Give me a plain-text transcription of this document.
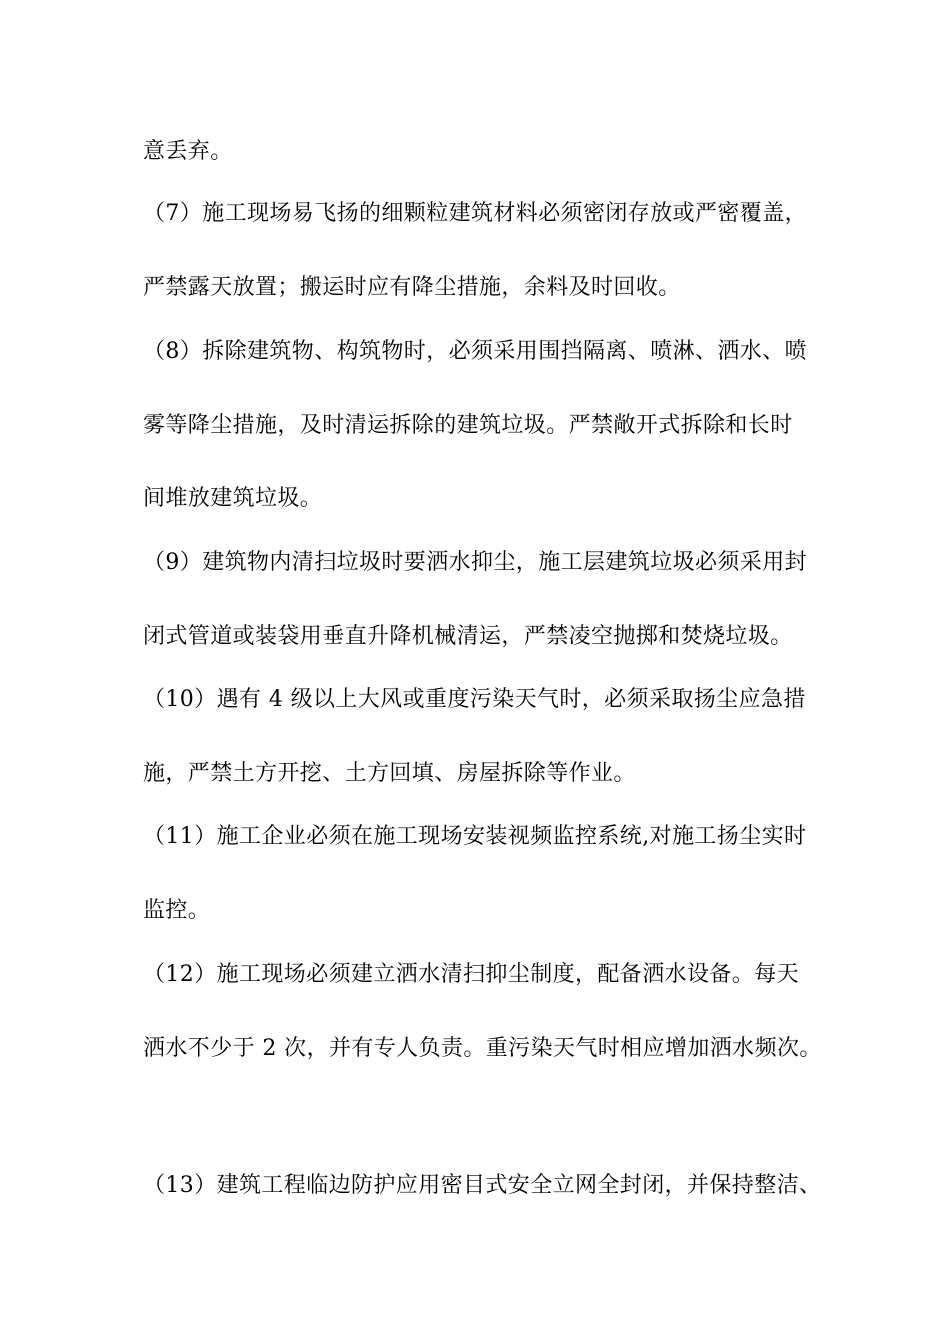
意丢弃。
（7）施工现场易飞扬的细颗粒建筑材料必须密闭存放或严密覆盖，
严禁露天放置；搬运时应有降尘措施，余料及时回收。
（8）拆除建筑物、构筑物时，必须采用围挡隔离、喷淋、洒水、喷
雾等降尘措施，及时清运拆除的建筑垃圾。严禁敞开式拆除和长时
间堆放建筑垃圾。
（9）建筑物内清扫垃圾时要洒水抑尘，施工层建筑垃圾必须采用封
闭式管道或装袋用垂直升降机械清运，严禁凌空抛掷和焚烧垃圾。
（10）遇有 4 级以上大风或重度污染天气时，必须采取扬尘应急措
施，严禁土方开挖、土方回填、房屋拆除等作业。
（11）施工企业必须在施工现场安装视频监控系统,对施工扬尘实时
监控。
（12）施工现场必须建立洒水清扫抑尘制度，配备洒水设备。每天
洒水不少于 2 次，并有专人负责。重污染天气时相应增加洒水频次。
（13）建筑工程临边防护应用密目式安全立网全封闭，并保持整洁、
